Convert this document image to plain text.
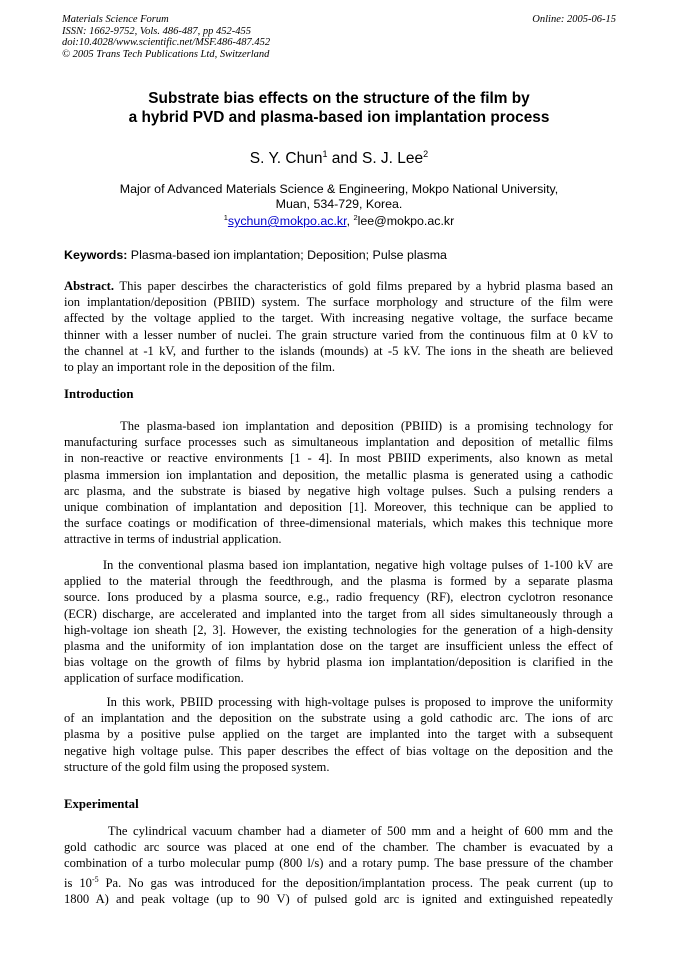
Materials Science Forum
ISSN: 1662-9752, Vols. 486-487, pp 452-455
doi:10.4028/www.scientific.net/MSF.486-487.452
© 2005 Trans Tech Publications Ltd, Switzerland
Online: 2005-06-15
Substrate bias effects on the structure of the film by
a hybrid PVD and plasma-based ion implantation process
S. Y. Chun$^1$ and S. J. Lee$^2$
Major of Advanced Materials Science & Engineering, Mokpo National University,
Muan, 534-729, Korea.
$^1$sychun@mokpo.ac.kr, $^2$lee@mokpo.ac.kr
Keywords: Plasma-based ion implantation; Deposition; Pulse plasma
Abstract. This paper descirbes the characteristics of gold films prepared by a hybrid plasma based an
ion implantation/deposition (PBIID) system. The surface morphology and structure of the film were
affected by the voltage applied to the target. With increasing negative voltage, the surface became
thinner with a lesser number of nuclei. The grain structure varied from the continuous film at 0 kV to
the channel at -1 kV, and further to the islands (mounds) at -5 kV. The ions in the sheath are believed
to play an important role in the deposition of the film.
Introduction
The plasma-based ion implantation and deposition (PBIID) is a promising technology for
manufacturing surface processes such as simultaneous implantation and deposition of metallic films
in non-reactive or reactive environments [1 - 4]. In most PBIID experiments, also known as metal
plasma immersion ion implantation and deposition, the metallic plasma is generated using a cathodic
arc plasma, and the substrate is biased by negative high voltage pulses. Such a pulsing renders a
unique combination of implantation and deposition [1]. Moreover, this technique can be applied to
the surface coatings or modification of three-dimensional materials, which makes this technique more
attractive in terms of industrial application.
In the conventional plasma based ion implantation, negative high voltage pulses of 1-100 kV are
applied to the material through the feedthrough, and the plasma is formed by a separate plasma
source. Ions produced by a plasma source, e.g., radio frequency (RF), electron cyclotron resonance
(ECR) discharge, are accelerated and implanted into the target from all sides simultaneously through a
high-voltage ion sheath [2, 3]. However, the existing technologies for the generation of a high-density
plasma and the uniformity of ion implantation dose on the target are insufficient unless the effect of
bias voltage on the growth of films by hybrid plasma ion implantation/deposition is clarified in the
application of surface modification.
In this work, PBIID processing with high-voltage pulses is proposed to improve the uniformity
of an implantation and the deposition on the substrate using a gold cathodic arc. The ions of arc
plasma by a positive pulse applied on the target are implanted into the target with a subsequent
negative high voltage pulse. This paper describes the effect of bias voltage on the deposition and the
structure of the gold film using the proposed system.
Experimental
The cylindrical vacuum chamber had a diameter of 500 mm and a height of 600 mm and the
gold cathodic arc source was placed at one end of the chamber. The chamber is evacuated by a
combination of a turbo molecular pump (800 l/s) and a rotary pump. The base pressure of the chamber
is $10^{-5}$ Pa. No gas was introduced for the deposition/implantation process. The peak current (up to
1800 A) and peak voltage (up to 90 V) of pulsed gold arc is ignited and extinguished repeatedly
